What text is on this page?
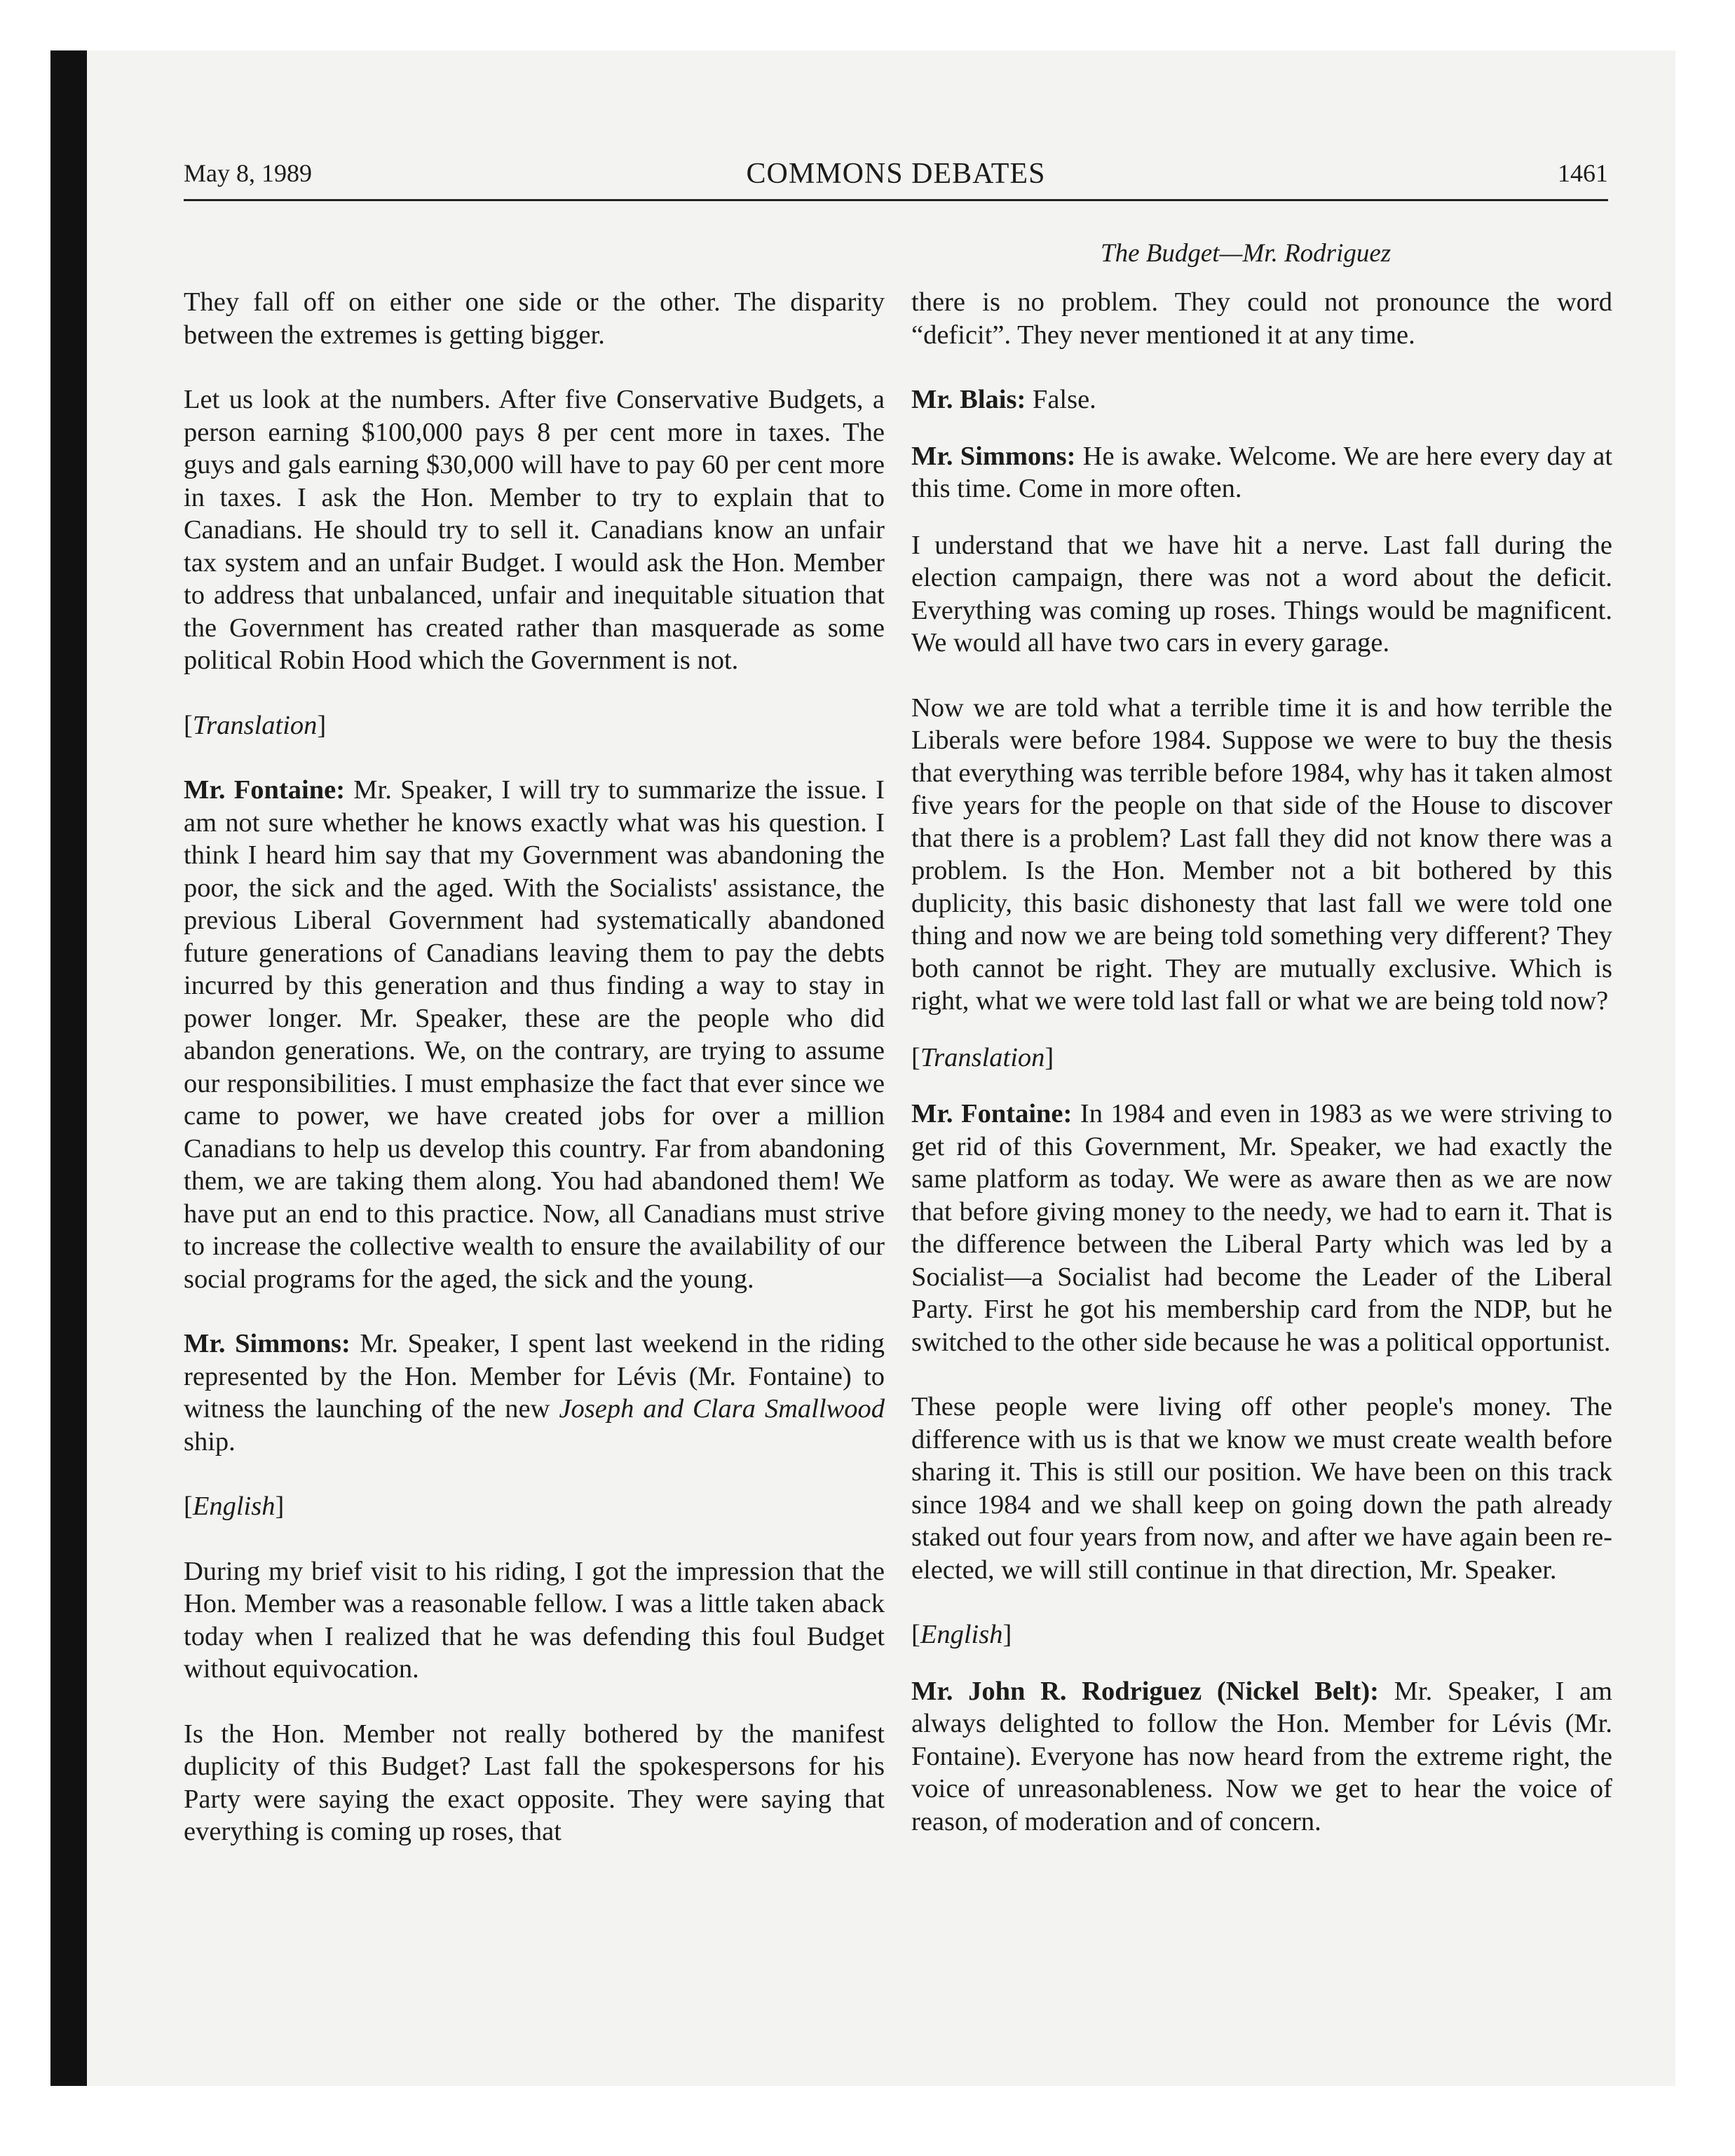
May 8, 1989	COMMONS DEBATES	1461
The Budget—Mr. Rodriguez

They fall off on either one side or the other. The disparity between the extremes is getting bigger.

Let us look at the numbers. After five Conservative Budgets, a person earning $100,000 pays 8 per cent more in taxes. The guys and gals earning $30,000 will have to pay 60 per cent more in taxes. I ask the Hon. Member to try to explain that to Canadians. He should try to sell it. Canadians know an unfair tax system and an unfair Budget. I would ask the Hon. Member to address that unbalanced, unfair and inequitable situation that the Government has created rather than masquerade as some political Robin Hood which the Government is not.

[Translation]

Mr. Fontaine: Mr. Speaker, I will try to summarize the issue. I am not sure whether he knows exactly what was his question. I think I heard him say that my Government was abandoning the poor, the sick and the aged. With the Socialists' assistance, the previous Liberal Government had systematically abandoned future generations of Canadians leaving them to pay the debts incurred by this generation and thus finding a way to stay in power longer. Mr. Speaker, these are the people who did abandon generations. We, on the contrary, are trying to assume our responsibilities. I must emphasize the fact that ever since we came to power, we have created jobs for over a million Canadians to help us develop this country. Far from abandoning them, we are taking them along. You had abandoned them! We have put an end to this practice. Now, all Canadians must strive to increase the collective wealth to ensure the availability of our social programs for the aged, the sick and the young.

Mr. Simmons: Mr. Speaker, I spent last weekend in the riding represented by the Hon. Member for Lévis (Mr. Fontaine) to witness the launching of the new Joseph and Clara Smallwood ship.

[English]

During my brief visit to his riding, I got the impression that the Hon. Member was a reasonable fellow. I was a little taken aback today when I realized that he was defending this foul Budget without equivocation.

Is the Hon. Member not really bothered by the manifest duplicity of this Budget? Last fall the spokespersons for his Party were saying the exact opposite. They were saying that everything is coming up roses, that

there is no problem. They could not pronounce the word “deficit”. They never mentioned it at any time.

Mr. Blais: False.

Mr. Simmons: He is awake. Welcome. We are here every day at this time. Come in more often.

I understand that we have hit a nerve. Last fall during the election campaign, there was not a word about the deficit. Everything was coming up roses. Things would be magnificent. We would all have two cars in every garage.

Now we are told what a terrible time it is and how terrible the Liberals were before 1984. Suppose we were to buy the thesis that everything was terrible before 1984, why has it taken almost five years for the people on that side of the House to discover that there is a problem? Last fall they did not know there was a problem. Is the Hon. Member not a bit bothered by this duplicity, this basic dishonesty that last fall we were told one thing and now we are being told something very different? They both cannot be right. They are mutually exclusive. Which is right, what we were told last fall or what we are being told now?

[Translation]

Mr. Fontaine: In 1984 and even in 1983 as we were striving to get rid of this Government, Mr. Speaker, we had exactly the same platform as today. We were as aware then as we are now that before giving money to the needy, we had to earn it. That is the difference between the Liberal Party which was led by a Socialist—a Socialist had become the Leader of the Liberal Party. First he got his membership card from the NDP, but he switched to the other side because he was a political opportunist.

These people were living off other people's money. The difference with us is that we know we must create wealth before sharing it. This is still our position. We have been on this track since 1984 and we shall keep on going down the path already staked out four years from now, and after we have again been re-elected, we will still continue in that direction, Mr. Speaker.

[English]

Mr. John R. Rodriguez (Nickel Belt): Mr. Speaker, I am always delighted to follow the Hon. Member for Lévis (Mr. Fontaine). Everyone has now heard from the extreme right, the voice of unreasonableness. Now we get to hear the voice of reason, of moderation and of concern.
